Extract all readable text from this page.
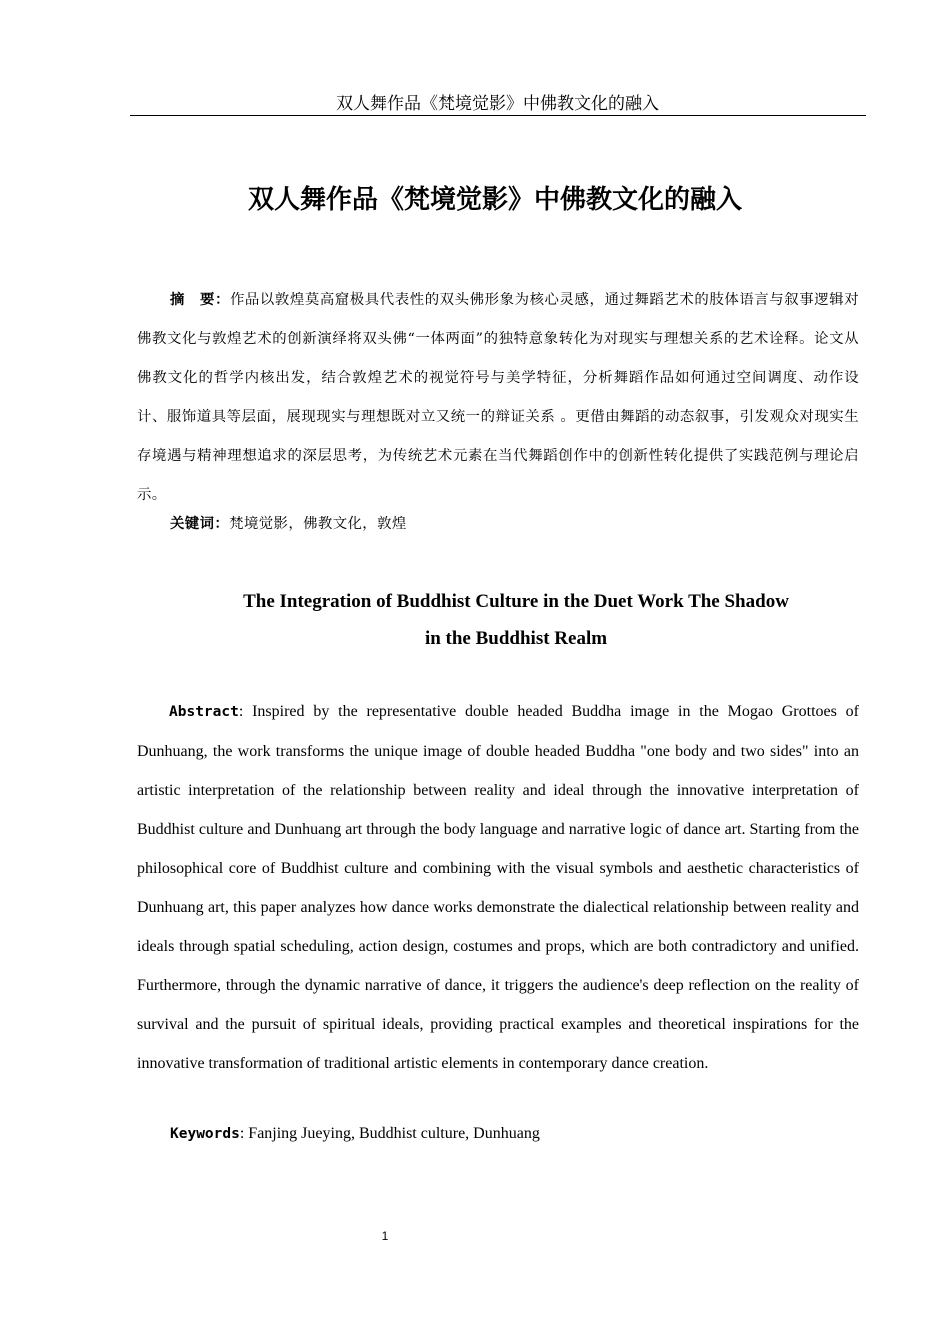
双人舞作品《梵境觉影》中佛教文化的融入
双人舞作品《梵境觉影》中佛教文化的融入

摘　要：作品以敦煌莫高窟极具代表性的双头佛形象为核心灵感，通过舞蹈艺术的肢体语言与叙事逻辑对佛教文化与敦煌艺术的创新演绎将双头佛“一体两面”的独特意象转化为对现实与理想关系的艺术诠释。论文从佛教文化的哲学内核出发，结合敦煌艺术的视觉符号与美学特征，分析舞蹈作品如何通过空间调度、动作设计、服饰道具等层面，展现现实与理想既对立又统一的辩证关系 。更借由舞蹈的动态叙事，引发观众对现实生存境遇与精神理想追求的深层思考，为传统艺术元素在当代舞蹈创作中的创新性转化提供了实践范例与理论启示。

关键词：梵境觉影，佛教文化，敦煌
The Integration of Buddhist Culture in the Duet Work The Shadow
in the Buddhist Realm

Abstract: Inspired by the representative double headed Buddha image in the Mogao Grottoes of Dunhuang, the work transforms the unique image of double headed Buddha "one body and two sides" into an artistic interpretation of the relationship between reality and ideal through the innovative interpretation of Buddhist culture and Dunhuang art through the body language and narrative logic of dance art. Starting from the philosophical core of Buddhist culture and combining with the visual symbols and aesthetic characteristics of Dunhuang art, this paper analyzes how dance works demonstrate the dialectical relationship between reality and ideals through spatial scheduling, action design, costumes and props, which are both contradictory and unified. Furthermore, through the dynamic narrative of dance, it triggers the audience's deep reflection on the reality of survival and the pursuit of spiritual ideals, providing practical examples and theoretical inspirations for the innovative transformation of traditional artistic elements in contemporary dance creation.

Keywords: Fanjing Jueying, Buddhist culture, Dunhuang
1
